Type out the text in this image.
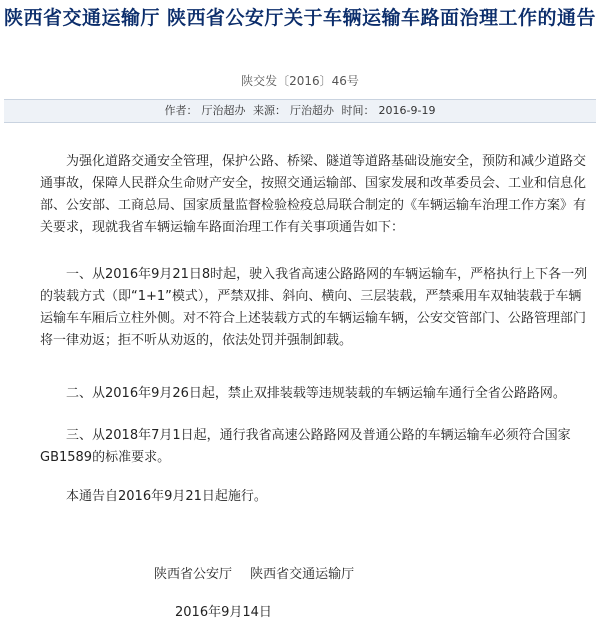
陕西省交通运输厅 陕西省公安厅关于车辆运输车路面治理工作的通告
陕交发〔2016〕46号
作者： 厅治超办 来源： 厅治超办 时间： 2016-9-19

为强化道路交通安全管理，保护公路、桥梁、隧道等道路基础设施安全，预防和减少道路交通事故，保障人民群众生命财产安全，按照交通运输部、国家发展和改革委员会、工业和信息化部、公安部、工商总局、国家质量监督检验检疫总局联合制定的《车辆运输车治理工作方案》有关要求，现就我省车辆运输车路面治理工作有关事项通告如下：

一、从2016年9月21日8时起，驶入我省高速公路路网的车辆运输车，严格执行上下各一列的装载方式（即“1+1”模式），严禁双排、斜向、横向、三层装载，严禁乘用车双轴装载于车辆运输车车厢后立柱外侧。对不符合上述装载方式的车辆运输车辆，公安交管部门、公路管理部门将一律劝返；拒不听从劝返的，依法处罚并强制卸载。

二、从2016年9月26日起，禁止双排装载等违规装载的车辆运输车通行全省公路路网。

三、从2018年7月1日起，通行我省高速公路路网及普通公路的车辆运输车必须符合国家GB1589的标准要求。

本通告自2016年9月21日起施行。

陕西省公安厅 陕西省交通运输厅
2016年9月14日
